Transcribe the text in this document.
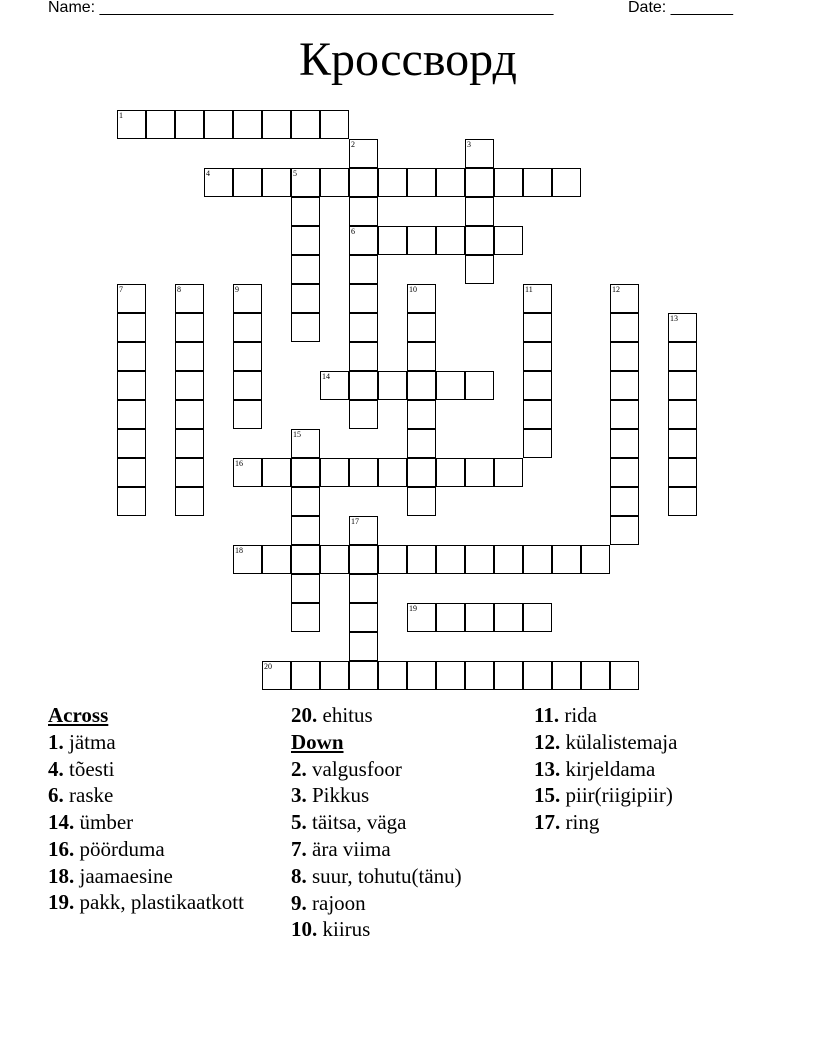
Name: ___________________________________________________	Date: _______
Кроссворд
1
2
6
3
4	5
7	8	9	10	11	12
13
14
15
16
17
18
19
20
Across
1. jätma
4. tõesti
6. raske
14. ümber
16. pöörduma
18. jaamaesine
19. pakk, plastikaatkott
20. ehitus
Down
2. valgusfoor
3. Pikkus
5. täitsa, väga
7. ära viima
8. suur, tohutu(tänu)
9. rajoon
10. kiirus
11. rida
12. külalistemaja
13. kirjeldama
15. piir(riigipiir)
17. ring
